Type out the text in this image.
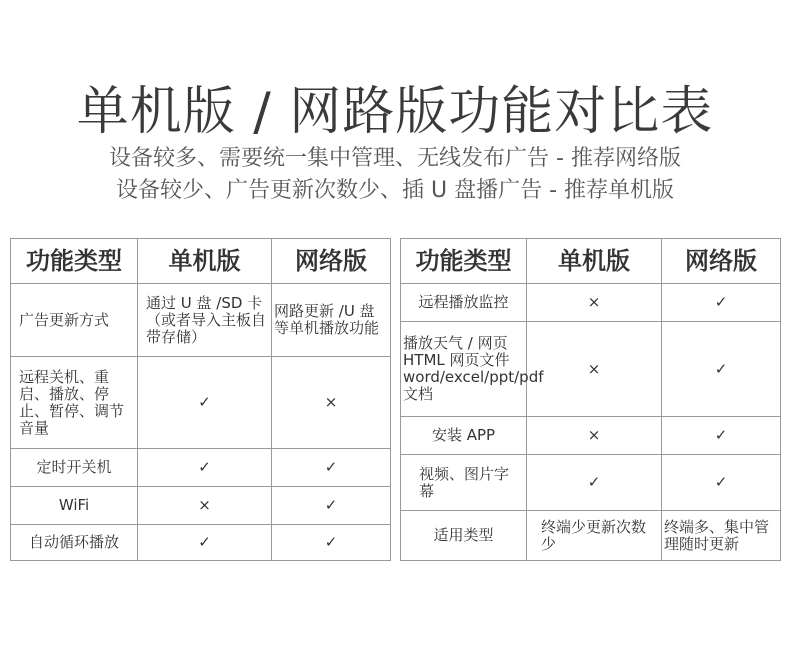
单机版 / 网路版功能对比表
设备较多、需要统一集中管理、无线发布广告 - 推荐网络版
设备较少、广告更新次数少、插 U 盘播广告 - 推荐单机版
功能类型	单机版	网络版
广告更新方式	通过 U 盘 /SD 卡（或者导入主板自带存储）	网路更新 /U 盘等单机播放功能
远程关机、重启、播放、停止、暂停、调节音量	✓	×
定时开关机	✓	✓
WiFi	×	✓
自动循环播放	✓	✓
功能类型	单机版	网络版
远程播放监控	×	✓
播放天气 / 网页 HTML 网页文件 word/excel/ppt/pdf 文档	×	✓
安装 APP	×	✓
视频、图片字幕	✓	✓
适用类型	终端少更新次数少	终端多、集中管理随时更新
